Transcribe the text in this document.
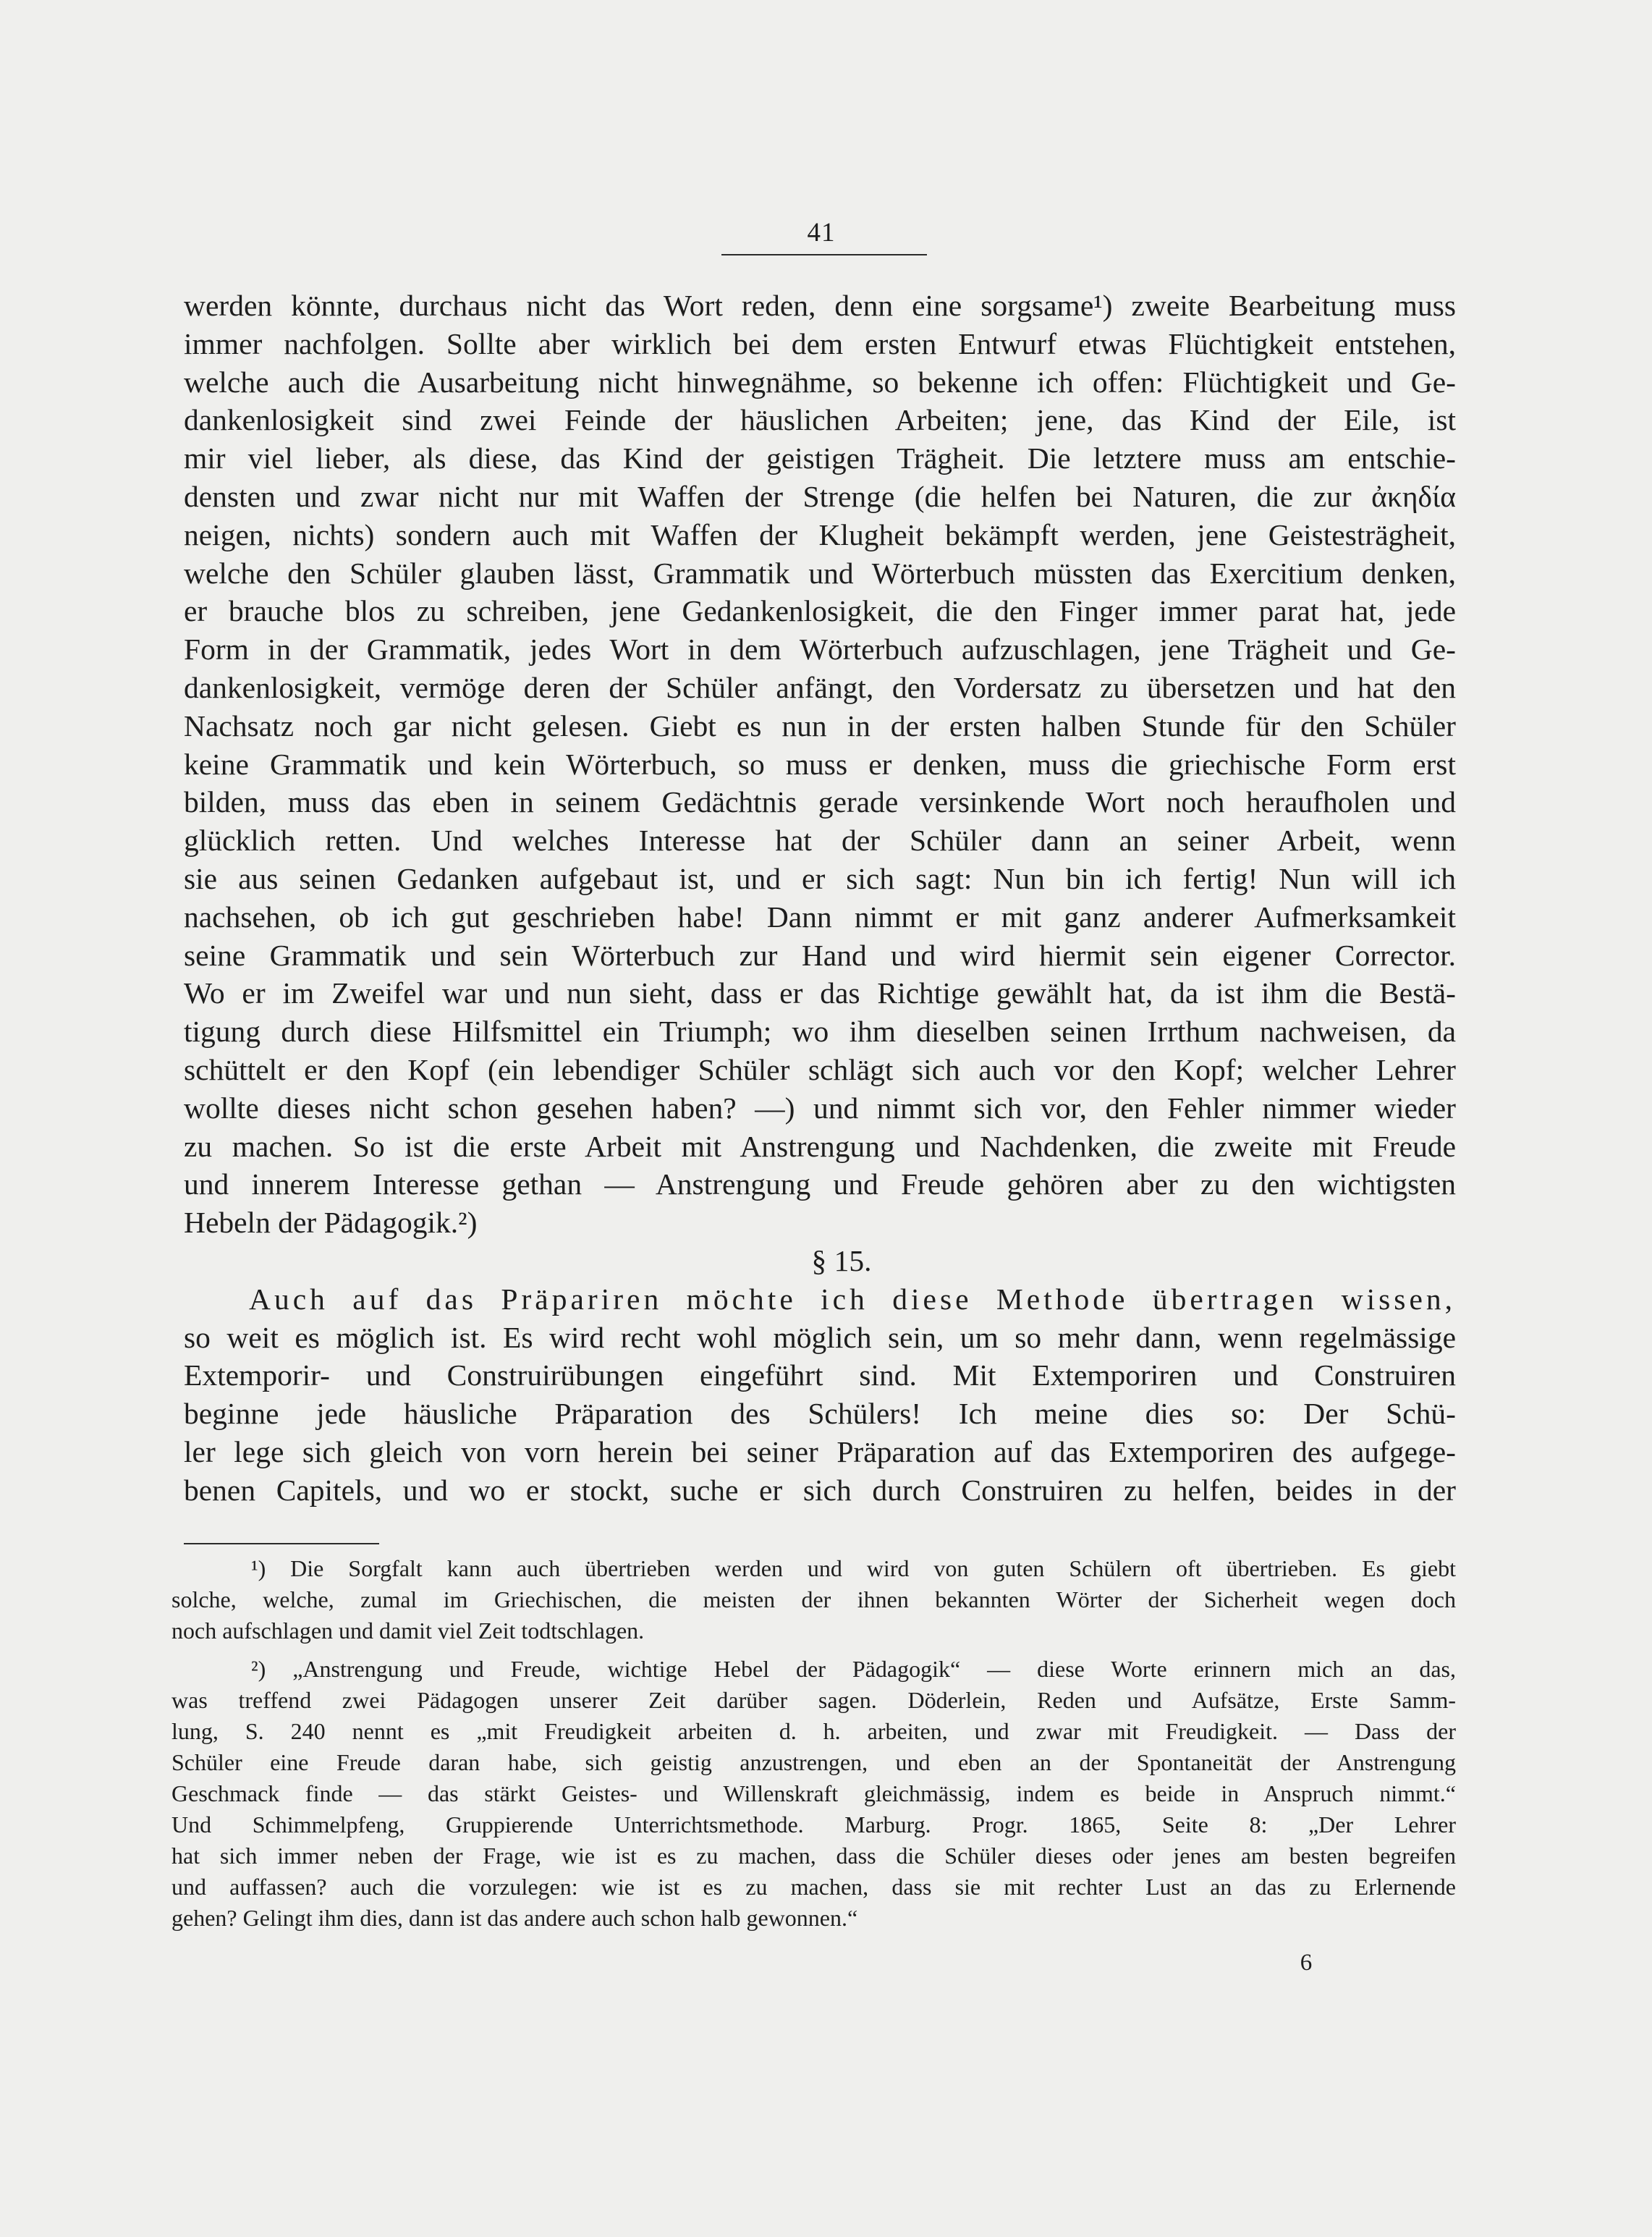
41
werden könnte, durchaus nicht das Wort reden, denn eine sorgsame¹) zweite Bearbeitung muss
immer nachfolgen. Sollte aber wirklich bei dem ersten Entwurf etwas Flüchtigkeit entstehen,
welche auch die Ausarbeitung nicht hinwegnähme, so bekenne ich offen: Flüchtigkeit und Ge-
dankenlosigkeit sind zwei Feinde der häuslichen Arbeiten; jene, das Kind der Eile, ist
mir viel lieber, als diese, das Kind der geistigen Trägheit. Die letztere muss am entschie-
densten und zwar nicht nur mit Waffen der Strenge (die helfen bei Naturen, die zur ἀκηδία
neigen, nichts) sondern auch mit Waffen der Klugheit bekämpft werden, jene Geistesträgheit,
welche den Schüler glauben lässt, Grammatik und Wörterbuch müssten das Exercitium denken,
er brauche blos zu schreiben, jene Gedankenlosigkeit, die den Finger immer parat hat, jede
Form in der Grammatik, jedes Wort in dem Wörterbuch aufzuschlagen, jene Trägheit und Ge-
dankenlosigkeit, vermöge deren der Schüler anfängt, den Vordersatz zu übersetzen und hat den
Nachsatz noch gar nicht gelesen. Giebt es nun in der ersten halben Stunde für den Schüler
keine Grammatik und kein Wörterbuch, so muss er denken, muss die griechische Form erst
bilden, muss das eben in seinem Gedächtnis gerade versinkende Wort noch heraufholen und
glücklich retten. Und welches Interesse hat der Schüler dann an seiner Arbeit, wenn
sie aus seinen Gedanken aufgebaut ist, und er sich sagt: Nun bin ich fertig! Nun will ich
nachsehen, ob ich gut geschrieben habe! Dann nimmt er mit ganz anderer Aufmerksamkeit
seine Grammatik und sein Wörterbuch zur Hand und wird hiermit sein eigener Corrector.
Wo er im Zweifel war und nun sieht, dass er das Richtige gewählt hat, da ist ihm die Bestä-
tigung durch diese Hilfsmittel ein Triumph; wo ihm dieselben seinen Irrthum nachweisen, da
schüttelt er den Kopf (ein lebendiger Schüler schlägt sich auch vor den Kopf; welcher Lehrer
wollte dieses nicht schon gesehen haben? —) und nimmt sich vor, den Fehler nimmer wieder
zu machen. So ist die erste Arbeit mit Anstrengung und Nachdenken, die zweite mit Freude
und innerem Interesse gethan — Anstrengung und Freude gehören aber zu den wichtigsten
Hebeln der Pädagogik.²)
§ 15.
Auch auf das Präpariren möchte ich diese Methode übertragen wissen,
so weit es möglich ist. Es wird recht wohl möglich sein, um so mehr dann, wenn regelmässige
Extemporir- und Construirübungen eingeführt sind. Mit Extemporiren und Construiren
beginne jede häusliche Präparation des Schülers! Ich meine dies so: Der Schü-
ler lege sich gleich von vorn herein bei seiner Präparation auf das Extemporiren des aufgege-
benen Capitels, und wo er stockt, suche er sich durch Construiren zu helfen, beides in der
¹) Die Sorgfalt kann auch übertrieben werden und wird von guten Schülern oft übertrieben. Es giebt
solche, welche, zumal im Griechischen, die meisten der ihnen bekannten Wörter der Sicherheit wegen doch
noch aufschlagen und damit viel Zeit todtschlagen.
²) „Anstrengung und Freude, wichtige Hebel der Pädagogik“ — diese Worte erinnern mich an das,
was treffend zwei Pädagogen unserer Zeit darüber sagen. Döderlein, Reden und Aufsätze, Erste Samm-
lung, S. 240 nennt es „mit Freudigkeit arbeiten d. h. arbeiten, und zwar mit Freudigkeit. — Dass der
Schüler eine Freude daran habe, sich geistig anzustrengen, und eben an der Spontaneität der Anstrengung
Geschmack finde — das stärkt Geistes- und Willenskraft gleichmässig, indem es beide in Anspruch nimmt.“
Und Schimmelpfeng, Gruppierende Unterrichtsmethode. Marburg. Progr. 1865, Seite 8: „Der Lehrer
hat sich immer neben der Frage, wie ist es zu machen, dass die Schüler dieses oder jenes am besten begreifen
und auffassen? auch die vorzulegen: wie ist es zu machen, dass sie mit rechter Lust an das zu Erlernende
gehen? Gelingt ihm dies, dann ist das andere auch schon halb gewonnen.“
6
